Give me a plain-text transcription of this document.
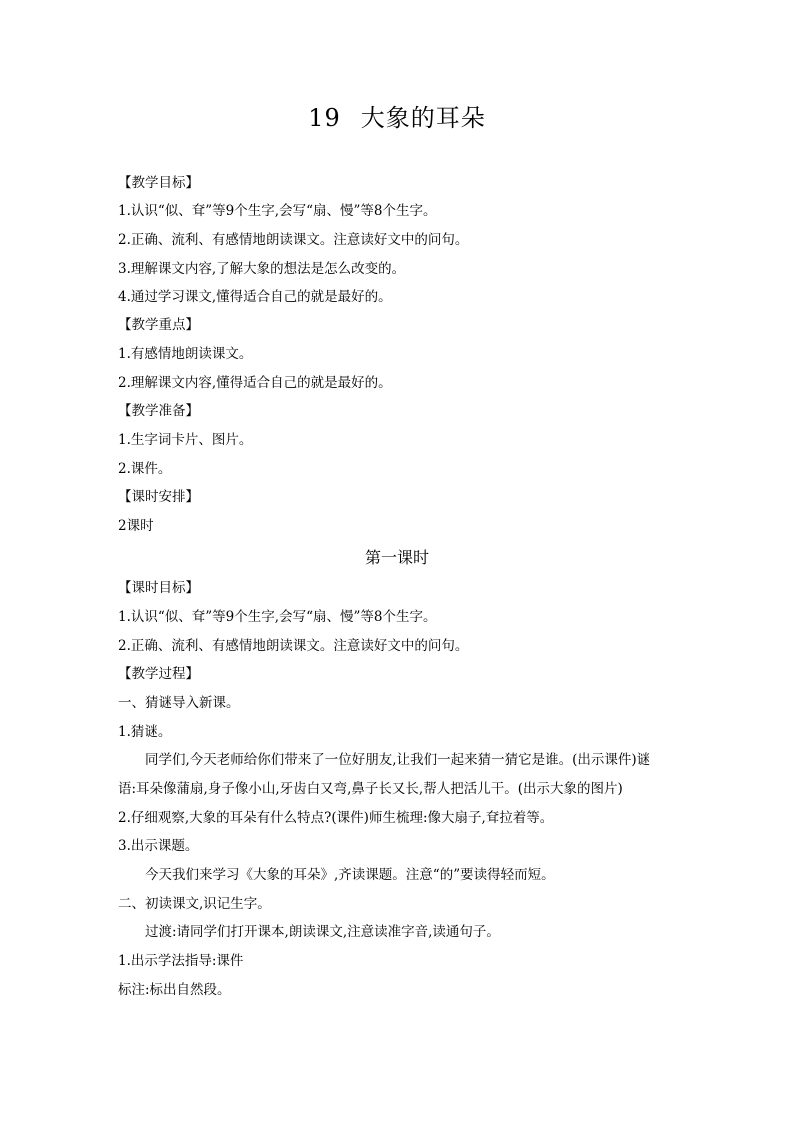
19 大象的耳朵
【教学目标】
1.认识“似、耷”等9个生字,会写“扇、慢”等8个生字。
2.正确、流利、有感情地朗读课文。注意读好文中的问句。
3.理解课文内容,了解大象的想法是怎么改变的。
4.通过学习课文,懂得适合自己的就是最好的。
【教学重点】
1.有感情地朗读课文。
2.理解课文内容,懂得适合自己的就是最好的。
【教学准备】
1.生字词卡片、图片。
2.课件。
【课时安排】
2课时
第一课时
【课时目标】
1.认识“似、耷”等9个生字,会写“扇、慢”等8个生字。
2.正确、流利、有感情地朗读课文。注意读好文中的问句。
【教学过程】
一、猜谜导入新课。
1.猜谜。
同学们,今天老师给你们带来了一位好朋友,让我们一起来猜一猜它是谁。(出示课件)谜
语:耳朵像蒲扇,身子像小山,牙齿白又弯,鼻子长又长,帮人把活儿干。(出示大象的图片)
2.仔细观察,大象的耳朵有什么特点?(课件)师生梳理:像大扇子,耷拉着等。
3.出示课题。
今天我们来学习《大象的耳朵》,齐读课题。注意“的”要读得轻而短。
二、初读课文,识记生字。
过渡:请同学们打开课本,朗读课文,注意读准字音,读通句子。
1.出示学法指导:课件
标注:标出自然段。
